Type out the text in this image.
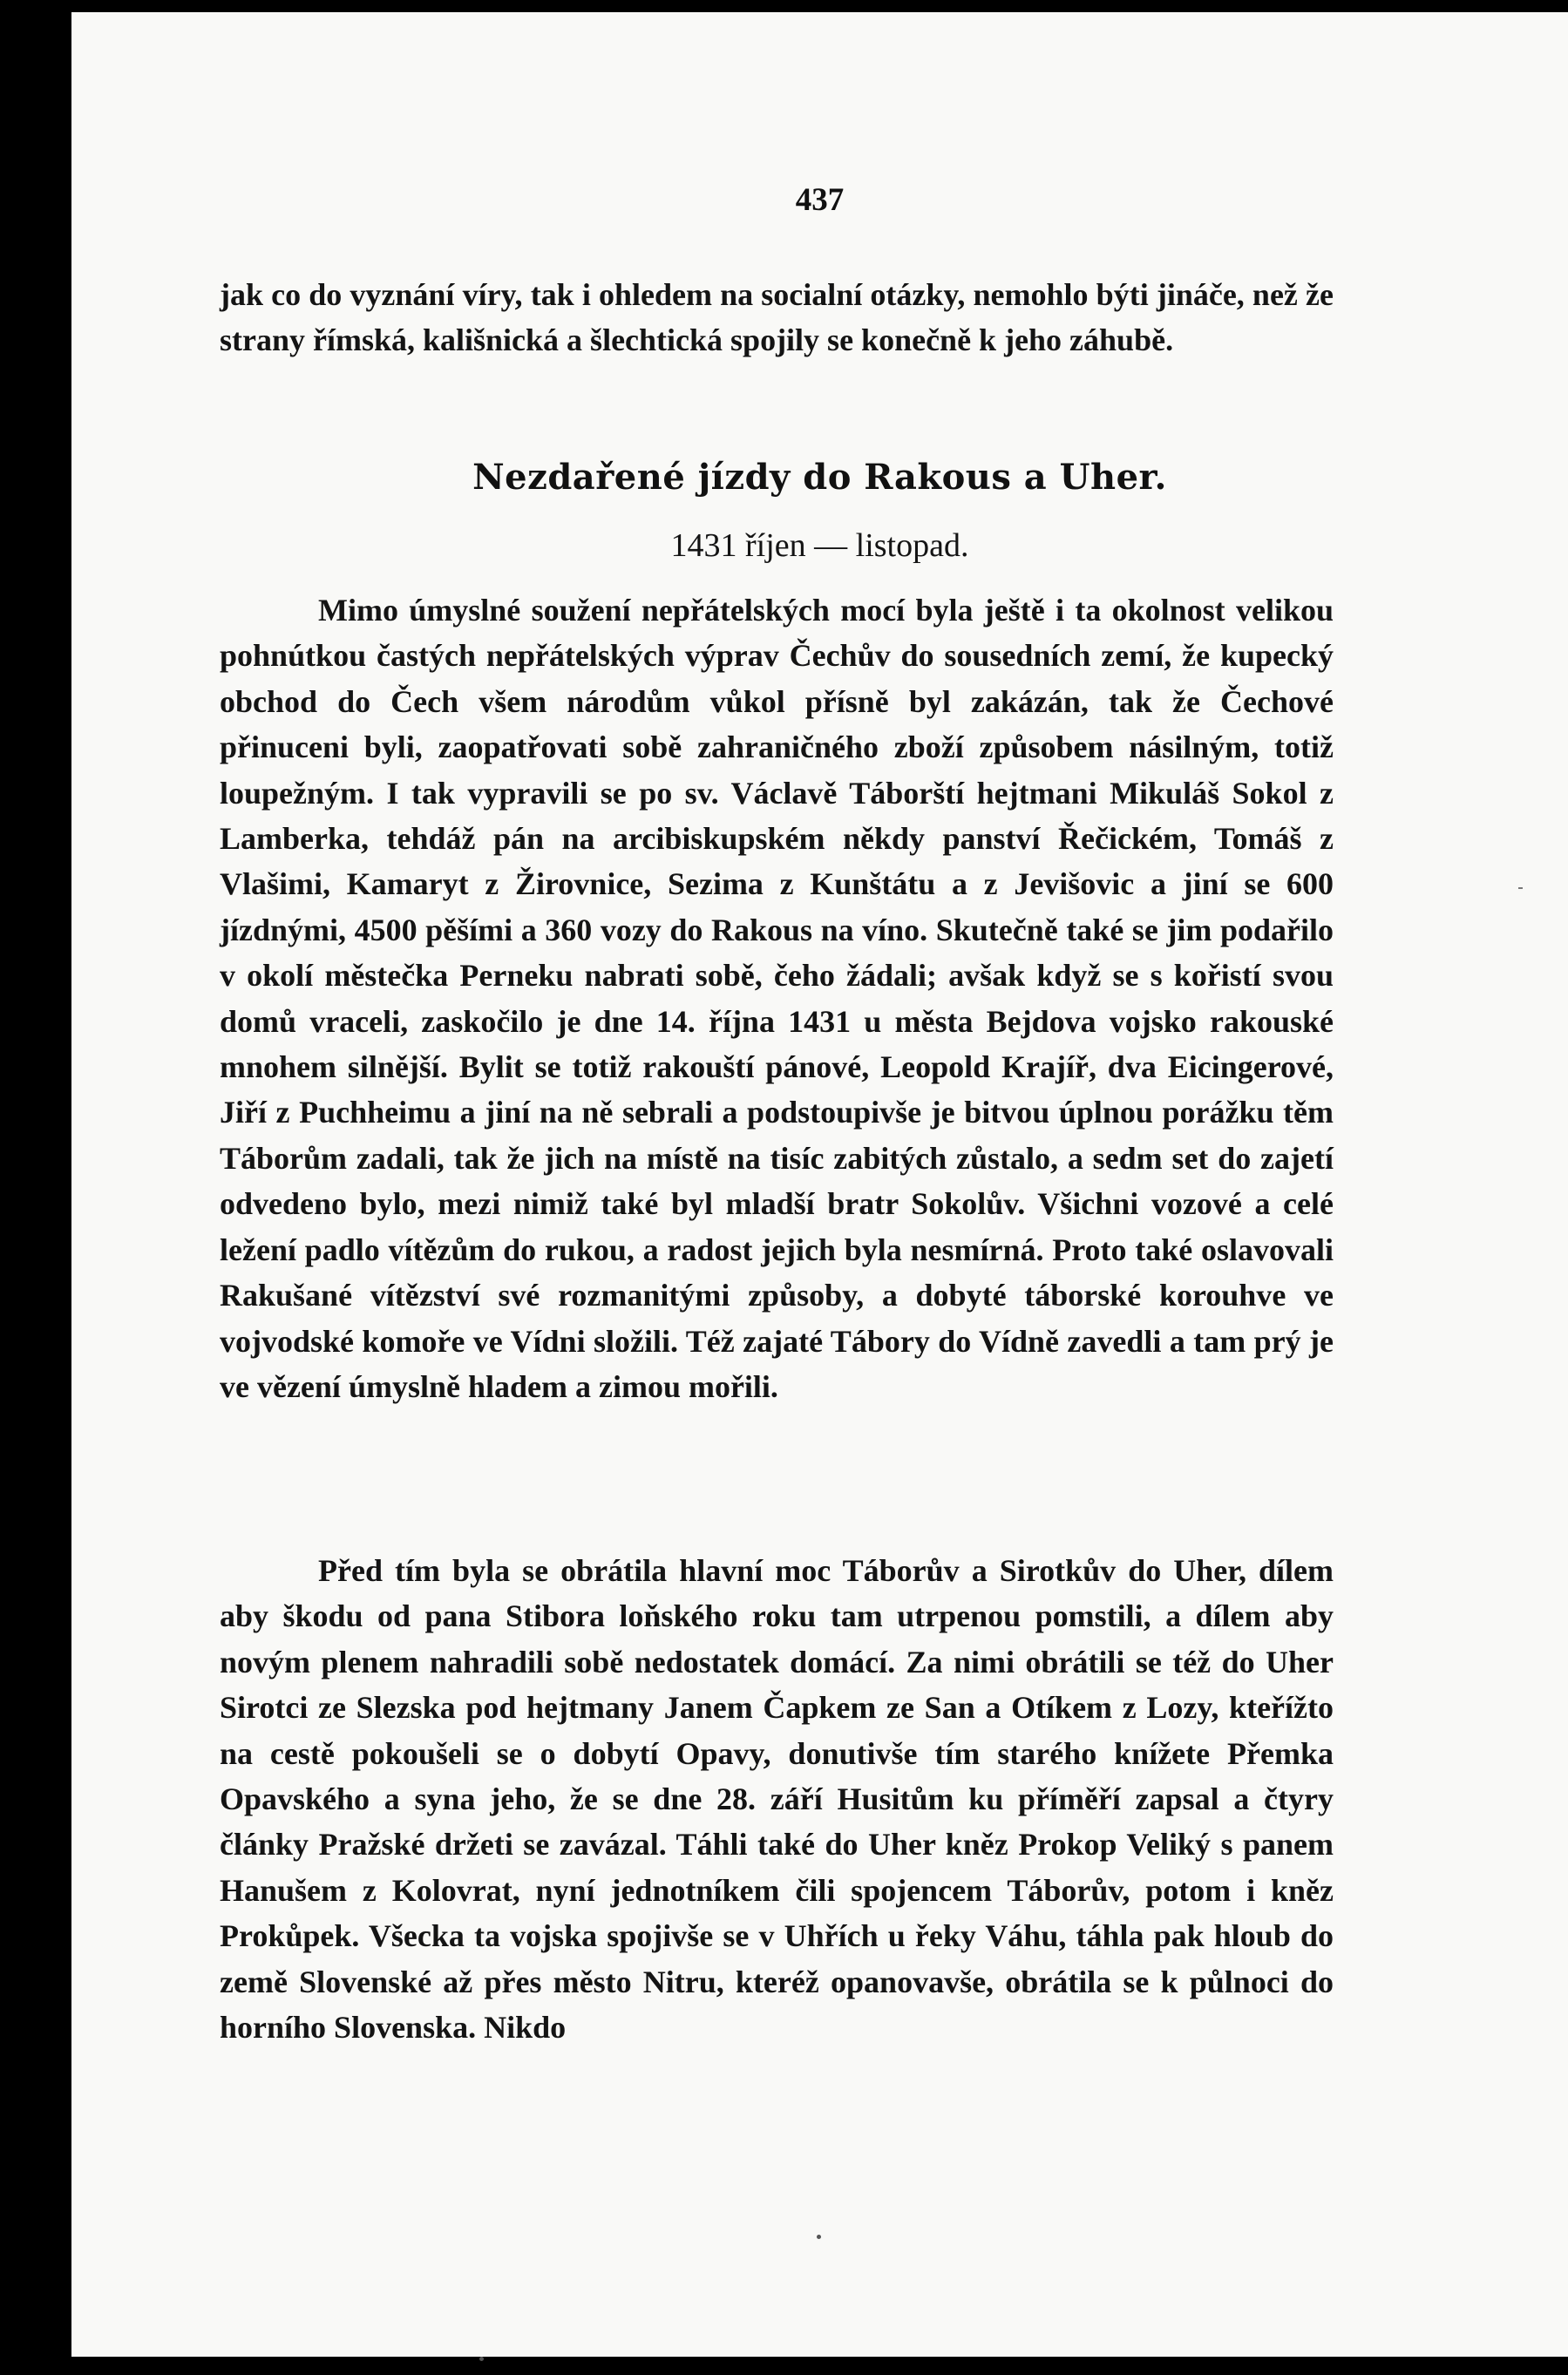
437

jak co do vyznání víry, tak i ohledem na socialní otázky, nemohlo býti jináče, než že strany římská, kališnická a šlechtická spojily se konečně k jeho záhubě.

Nezdařené jízdy do Rakous a Uher.

1431 říjen — listopad.

Mimo úmyslné soužení nepřátelských mocí byla ještě i ta okolnost velikou pohnútkou častých nepřátelských výprav Čechův do sousedních zemí, že kupecký obchod do Čech všem národům vůkol přísně byl zakázán, tak že Čechové přinuceni byli, zaopatřovati sobě zahraničného zboží způsobem násilným, totiž loupežným. I tak vypravili se po sv. Václavě Táborští hejtmani Mikuláš Sokol z Lamberka, tehdáž pán na arcibiskupském někdy panství Řečickém, Tomáš z Vlašimi, Kamaryt z Žirovnice, Sezima z Kunštátu a z Jevišovic a jiní se 600 jízdnými, 4500 pěšími a 360 vozy do Rakous na víno. Skutečně také se jim podařilo v okolí městečka Perneku nabrati sobě, čeho žádali; avšak když se s kořistí svou domů vraceli, zaskočilo je dne 14. října 1431 u města Bejdova vojsko rakouské mnohem silnější. Bylit se totiž rakouští pánové, Leopold Krajíř, dva Eicingerové, Jiří z Puchheimu a jiní na ně sebrali a podstoupivše je bitvou úplnou porážku těm Táborům zadali, tak že jich na místě na tisíc zabitých zůstalo, a sedm set do zajetí odvedeno bylo, mezi nimiž také byl mladší bratr Sokolův. Všichni vozové a celé ležení padlo vítězům do rukou, a radost jejich byla nesmírná. Proto také oslavovali Rakušané vítězství své rozmanitými způsoby, a dobyté táborské korouhve ve vojvodské komoře ve Vídni složili. Též zajaté Tábory do Vídně zavedli a tam prý je ve vězení úmyslně hladem a zimou mořili.

Před tím byla se obrátila hlavní moc Táborův a Sirotkův do Uher, dílem aby škodu od pana Stibora loňského roku tam utrpenou pomstili, a dílem aby novým plenem nahradili sobě nedostatek domácí. Za nimi obrátili se též do Uher Sirotci ze Slezska pod hejtmany Janem Čapkem ze San a Otíkem z Lozy, kteřížto na cestě pokoušeli se o dobytí Opavy, donutivše tím starého knížete Přemka Opavského a syna jeho, že se dne 28. září Husitům ku příměří zapsal a čtyry články Pražské držeti se zavázal. Táhli také do Uher kněz Prokop Veliký s panem Hanušem z Kolovrat, nyní jednotníkem čili spojencem Táborův, potom i kněz Prokůpek. Všecka ta vojska spojivše se v Uhřích u řeky Váhu, táhla pak hloub do země Slovenské až přes město Nitru, kteréž opanovavše, obrátila se k půlnoci do horního Slovenska. Nikdo
